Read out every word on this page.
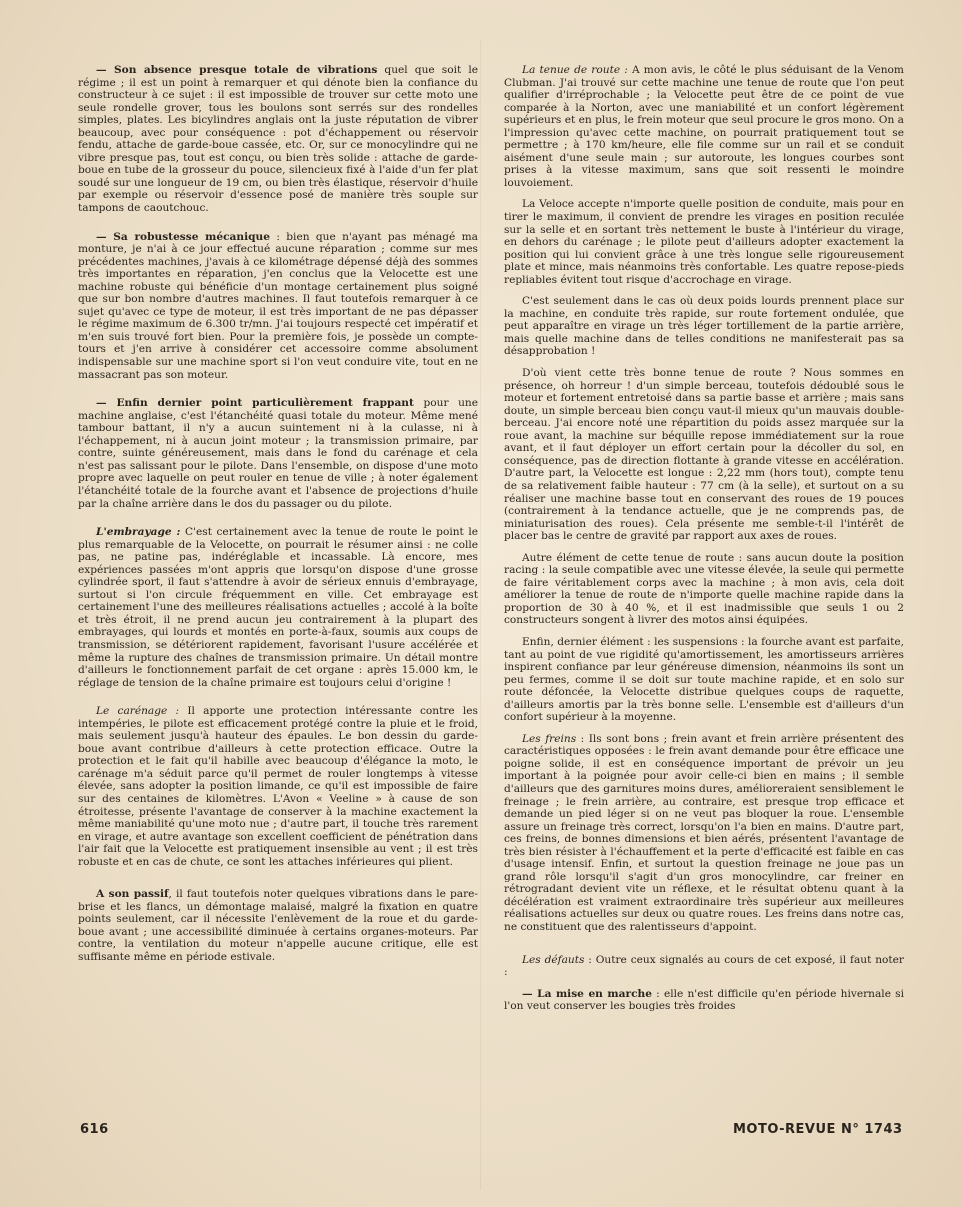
— Son absence presque totale de vibrations quel que soit le régime ; il est un point à remarquer et qui dénote bien la confiance du constructeur à ce sujet : il est impossible de trouver sur cette moto une seule rondelle grover, tous les boulons sont serrés sur des rondelles simples, plates. Les bicylindres anglais ont la juste réputation de vibrer beaucoup, avec pour conséquence : pot d'échappement ou réservoir fendu, attache de garde-boue cassée, etc. Or, sur ce monocylindre qui ne vibre presque pas, tout est conçu, ou bien très solide : attache de garde-boue en tube de la grosseur du pouce, silencieux fixé à l'aide d'un fer plat soudé sur une longueur de 19 cm, ou bien très élastique, réservoir d'huile par exemple ou réservoir d'essence posé de manière très souple sur tampons de caoutchouc.

— Sa robustesse mécanique : bien que n'ayant pas ménagé ma monture, je n'ai à ce jour effectué aucune réparation ; comme sur mes précédentes machines, j'avais à ce kilométrage dépensé déjà des sommes très importantes en réparation, j'en conclus que la Velocette est une machine robuste qui bénéficie d'un montage certainement plus soigné que sur bon nombre d'autres machines. Il faut toutefois remarquer à ce sujet qu'avec ce type de moteur, il est très important de ne pas dépasser le régime maximum de 6.300 tr/mn. J'ai toujours respecté cet impératif et m'en suis trouvé fort bien. Pour la première fois, je possède un compte-tours et j'en arrive à considérer cet accessoire comme absolument indispensable sur une machine sport si l'on veut conduire vite, tout en ne massacrant pas son moteur.

— Enfin dernier point particulièrement frappant pour une machine anglaise, c'est l'étanchéité quasi totale du moteur. Même mené tambour battant, il n'y a aucun suintement ni à la culasse, ni à l'échappement, ni à aucun joint moteur ; la transmission primaire, par contre, suinte généreusement, mais dans le fond du carénage et cela n'est pas salissant pour le pilote. Dans l'ensemble, on dispose d'une moto propre avec laquelle on peut rouler en tenue de ville ; à noter également l'étanchéité totale de la fourche avant et l'absence de projections d'huile par la chaîne arrière dans le dos du passager ou du pilote.

L'embrayage : C'est certainement avec la tenue de route le point le plus remarquable de la Velocette, on pourrait le résumer ainsi : ne colle pas, ne patine pas, indéréglable et incassable. Là encore, mes expériences passées m'ont appris que lorsqu'on dispose d'une grosse cylindrée sport, il faut s'attendre à avoir de sérieux ennuis d'embrayage, surtout si l'on circule fréquemment en ville. Cet embrayage est certainement l'une des meilleures réalisations actuelles ; accolé à la boîte et très étroit, il ne prend aucun jeu contrairement à la plupart des embrayages, qui lourds et montés en porte-à-faux, soumis aux coups de transmission, se détériorent rapidement, favorisant l'usure accélérée et même la rupture des chaînes de transmission primaire. Un détail montre d'ailleurs le fonctionnement parfait de cet organe : après 15.000 km, le réglage de tension de la chaîne primaire est toujours celui d'origine !

Le carénage : Il apporte une protection intéressante contre les intempéries, le pilote est efficacement protégé contre la pluie et le froid, mais seulement jusqu'à hauteur des épaules. Le bon dessin du garde-boue avant contribue d'ailleurs à cette protection efficace. Outre la protection et le fait qu'il habille avec beaucoup d'élégance la moto, le carénage m'a séduit parce qu'il permet de rouler longtemps à vitesse élevée, sans adopter la position limande, ce qu'il est impossible de faire sur des centaines de kilomètres. L'Avon « Veeline » à cause de son étroitesse, présente l'avantage de conserver à la machine exactement la même maniabilité qu'une moto nue ; d'autre part, il touche très rarement en virage, et autre avantage son excellent coefficient de pénétration dans l'air fait que la Velocette est pratiquement insensible au vent ; il est très robuste et en cas de chute, ce sont les attaches inférieures qui plient.

A son passif, il faut toutefois noter quelques vibrations dans le pare-brise et les flancs, un démontage malaisé, malgré la fixation en quatre points seulement, car il nécessite l'enlèvement de la roue et du garde-boue avant ; une accessibilité diminuée à certains organes-moteurs. Par contre, la ventilation du moteur n'appelle aucune critique, elle est suffisante même en période estivale.

La tenue de route : A mon avis, le côté le plus séduisant de la Venom Clubman. J'ai trouvé sur cette machine une tenue de route que l'on peut qualifier d'irréprochable ; la Velocette peut être de ce point de vue comparée à la Norton, avec une maniabilité et un confort légèrement supérieurs et en plus, le frein moteur que seul procure le gros mono. On a l'impression qu'avec cette machine, on pourrait pratiquement tout se permettre ; à 170 km/heure, elle file comme sur un rail et se conduit aisément d'une seule main ; sur autoroute, les longues courbes sont prises à la vitesse maximum, sans que soit ressenti le moindre louvoiement.

La Veloce accepte n'importe quelle position de conduite, mais pour en tirer le maximum, il convient de prendre les virages en position reculée sur la selle et en sortant très nettement le buste à l'intérieur du virage, en dehors du carénage ; le pilote peut d'ailleurs adopter exactement la position qui lui convient grâce à une très longue selle rigoureusement plate et mince, mais néanmoins très confortable. Les quatre repose-pieds repliables évitent tout risque d'accrochage en virage.

C'est seulement dans le cas où deux poids lourds prennent place sur la machine, en conduite très rapide, sur route fortement ondulée, que peut apparaître en virage un très léger tortillement de la partie arrière, mais quelle machine dans de telles conditions ne manifesterait pas sa désapprobation !

D'où vient cette très bonne tenue de route ? Nous sommes en présence, oh horreur ! d'un simple berceau, toutefois dédoublé sous le moteur et fortement entretoisé dans sa partie basse et arrière ; mais sans doute, un simple berceau bien conçu vaut-il mieux qu'un mauvais double-berceau. J'ai encore noté une répartition du poids assez marquée sur la roue avant, la machine sur béquille repose immédiatement sur la roue avant, et il faut déployer un effort certain pour la décoller du sol, en conséquence, pas de direction flottante à grande vitesse en accélération. D'autre part, la Velocette est longue : 2,22 mm (hors tout), compte tenu de sa relativement faible hauteur : 77 cm (à la selle), et surtout on a su réaliser une machine basse tout en conservant des roues de 19 pouces (contrairement à la tendance actuelle, que je ne comprends pas, de miniaturisation des roues). Cela présente me semble-t-il l'intérêt de placer bas le centre de gravité par rapport aux axes de roues.

Autre élément de cette tenue de route : sans aucun doute la position racing : la seule compatible avec une vitesse élevée, la seule qui permette de faire véritablement corps avec la machine ; à mon avis, cela doit améliorer la tenue de route de n'importe quelle machine rapide dans la proportion de 30 à 40 %, et il est inadmissible que seuls 1 ou 2 constructeurs songent à livrer des motos ainsi équipées.

Enfin, dernier élément : les suspensions : la fourche avant est parfaite, tant au point de vue rigidité qu'amortissement, les amortisseurs arrières inspirent confiance par leur généreuse dimension, néanmoins ils sont un peu fermes, comme il se doit sur toute machine rapide, et en solo sur route défoncée, la Velocette distribue quelques coups de raquette, d'ailleurs amortis par la très bonne selle. L'ensemble est d'ailleurs d'un confort supérieur à la moyenne.

Les freins : Ils sont bons ; frein avant et frein arrière présentent des caractéristiques opposées : le frein avant demande pour être efficace une poigne solide, il est en conséquence important de prévoir un jeu important à la poignée pour avoir celle-ci bien en mains ; il semble d'ailleurs que des garnitures moins dures, amélioreraient sensiblement le freinage ; le frein arrière, au contraire, est presque trop efficace et demande un pied léger si on ne veut pas bloquer la roue. L'ensemble assure un freinage très correct, lorsqu'on l'a bien en mains. D'autre part, ces freins, de bonnes dimensions et bien aérés, présentent l'avantage de très bien résister à l'échauffement et la perte d'efficacité est faible en cas d'usage intensif. Enfin, et surtout la question freinage ne joue pas un grand rôle lorsqu'il s'agit d'un gros monocylindre, car freiner en rétrogradant devient vite un réflexe, et le résultat obtenu quant à la décélération est vraiment extraordinaire très supérieur aux meilleures réalisations actuelles sur deux ou quatre roues. Les freins dans notre cas, ne constituent que des ralentisseurs d'appoint.

Les défauts : Outre ceux signalés au cours de cet exposé, il faut noter :

— La mise en marche : elle n'est difficile qu'en période hivernale si l'on veut conserver les bougies très froides

616	MOTO-REVUE N° 1743
